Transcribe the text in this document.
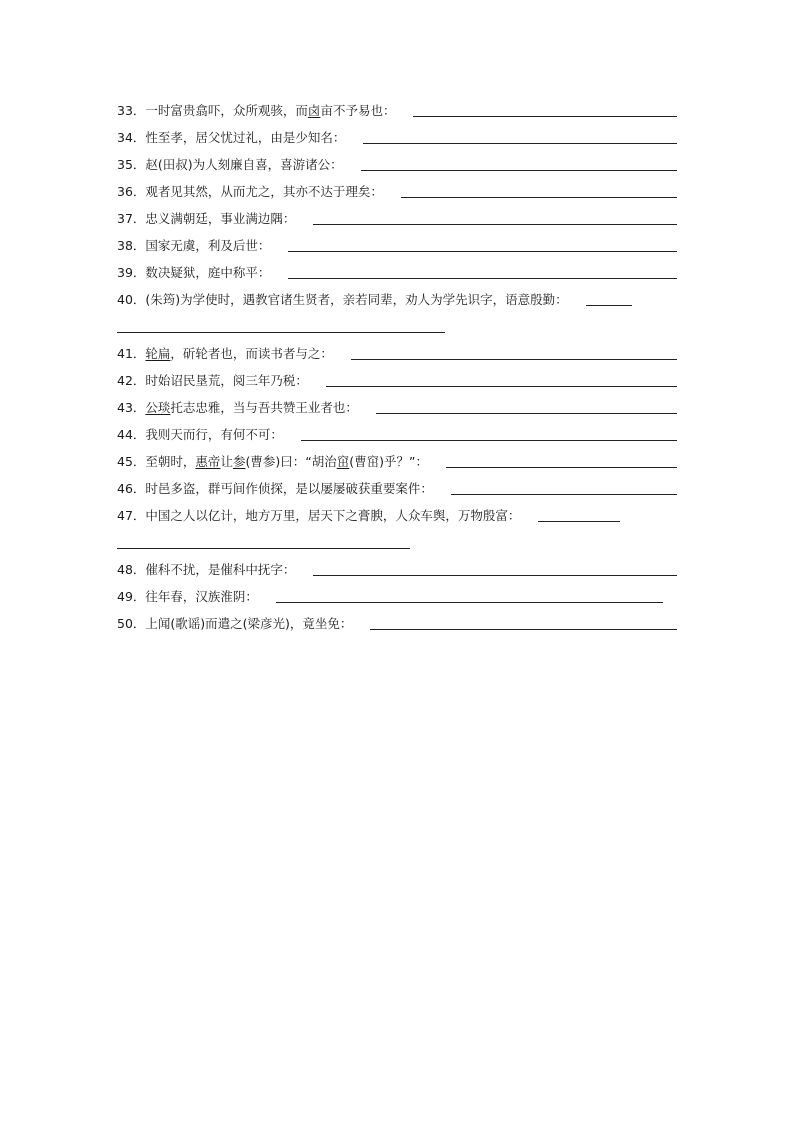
33． 一时富贵翕吓，众所观骇，而卤亩不予易也：
34． 性至孝，居父忧过礼，由是少知名：
35． 赵(田叔)为人刻廉自喜，喜游诸公：
36． 观者见其然，从而尤之，其亦不达于理矣：
37． 忠义满朝廷，事业满边隅：
38． 国家无虞，利及后世：
39． 数决疑狱，庭中称平：
40． (朱筠)为学使时，遇教官诸生贤者，亲若同辈，劝人为学先识字，语意殷勤：
41． 轮扁，斫轮者也，而读书者与之：
42． 时始诏民垦荒，阅三年乃税：
43． 公琰托志忠雅，当与吾共赞王业者也：
44． 我则天而行，有何不可：
45． 至朝时，惠帝让参(曹参)曰：“胡治窋(曹窋)乎？”：
46． 时邑多盗，群丐间作侦探，是以屡屡破获重要案件：
47． 中国之人以亿计，地方万里，居天下之膏腴，人众车舆，万物殷富：
48． 催科不扰，是催科中抚字：
49． 往年春，汉族淮阴：
50． 上闻(歌谣)而遣之(梁彦光)，竟坐免：
